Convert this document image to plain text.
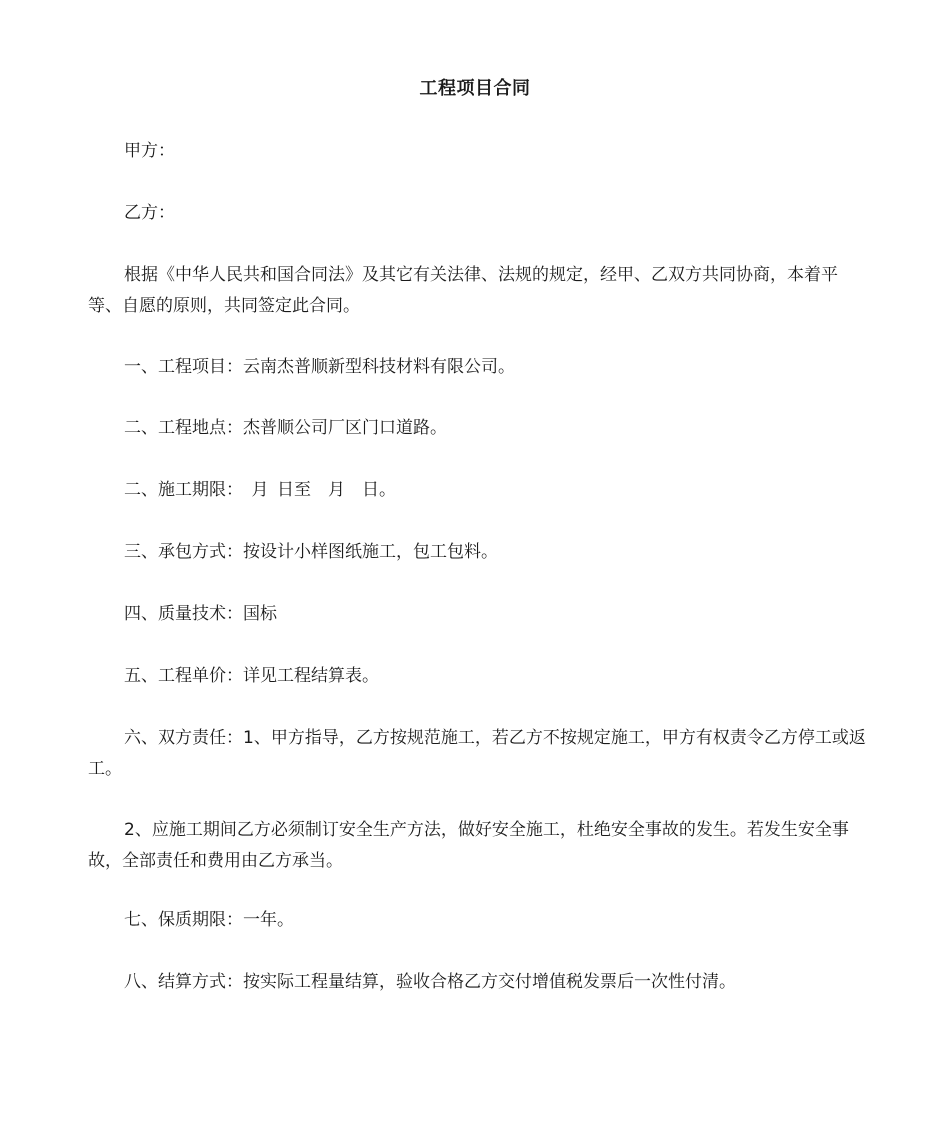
工程项目合同

甲方：

乙方：

根据《中华人民共和国合同法》及其它有关法律、法规的规定，经甲、乙双方共同协商，本着平等、自愿的原则，共同签定此合同。

一、工程项目：云南杰普顺新型科技材料有限公司。

二、工程地点：杰普顺公司厂区门口道路。

二、施工期限：　月 日至　月　日。

三、承包方式：按设计小样图纸施工，包工包料。

四、质量技术：国标

五、工程单价：详见工程结算表。

六、双方责任：1、甲方指导，乙方按规范施工，若乙方不按规定施工，甲方有权责令乙方停工或返工。

2、应施工期间乙方必须制订安全生产方法，做好安全施工，杜绝安全事故的发生。若发生安全事故，全部责任和费用由乙方承当。

七、保质期限：一年。

八、结算方式：按实际工程量结算，验收合格乙方交付增值税发票后一次性付清。
